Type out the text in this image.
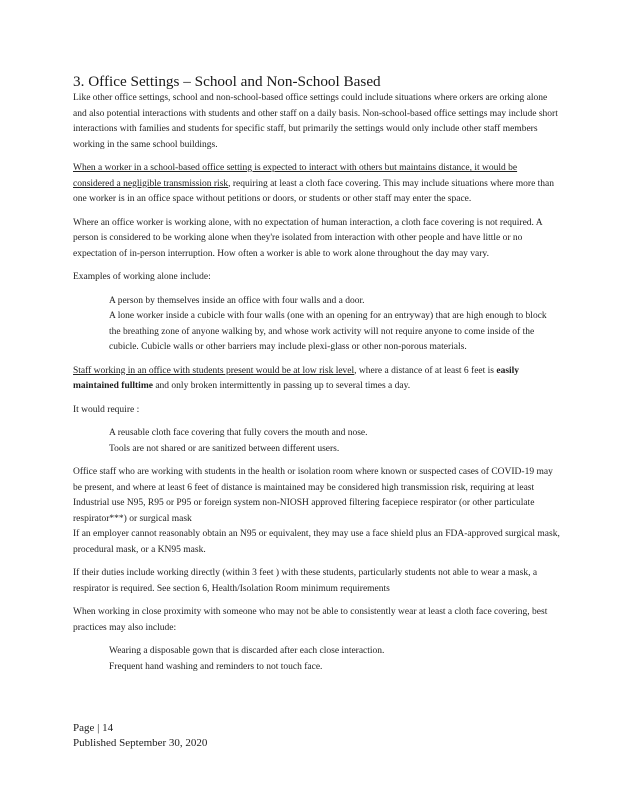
3. Office Settings – School and Non-School Based

Like other office settings, school and non-school-based office settings could include situations where orkers are orking alone and also potential interactions with students and other staff on a daily basis. Non-school-based office settings may include short interactions with families and students for specific staff, but primarily the settings would only include other staff members working in the same school buildings.

When a worker in a school-based office setting is expected to interact with others but maintains distance, it would be considered a negligible transmission risk, requiring at least a cloth face covering. This may include situations where more than one worker is in an office space without petitions or doors, or students or other staff may enter the space.

Where an office worker is working alone, with no expectation of human interaction, a cloth face covering is not required. A person is considered to be working alone when they're isolated from interaction with other people and have little or no expectation of in-person interruption. How often a worker is able to work alone throughout the day may vary.

Examples of working alone include:

A person by themselves inside an office with four walls and a door.
A lone worker inside a cubicle with four walls (one with an opening for an entryway) that are high enough to block the breathing zone of anyone walking by, and whose work activity will not require anyone to come inside of the cubicle. Cubicle walls or other barriers may include plexi-glass or other non-porous materials.

Staff working in an office with students present would be at low risk level, where a distance of at least 6 feet is easily maintained fulltime and only broken intermittently in passing up to several times a day.

It would require :

A reusable cloth face covering that fully covers the mouth and nose.
Tools are not shared or are sanitized between different users.

Office staff who are working with students in the health or isolation room where known or suspected cases of COVID-19 may be present, and where at least 6 feet of distance is maintained may be considered high transmission risk, requiring at least Industrial use N95, R95 or P95 or foreign system non-NIOSH approved filtering facepiece respirator (or other particulate respirator***) or surgical mask

If an employer cannot reasonably obtain an N95 or equivalent, they may use a face shield plus an FDA-approved surgical mask, procedural mask, or a KN95 mask.

If their duties include working directly (within 3 feet ) with these students, particularly students not able to wear a mask, a respirator is required. See section 6, Health/Isolation Room minimum requirements

When working in close proximity with someone who may not be able to consistently wear at least a cloth face covering, best practices may also include:

Wearing a disposable gown that is discarded after each close interaction.
Frequent hand washing and reminders to not touch face.
Page | 14
Published September 30, 2020
